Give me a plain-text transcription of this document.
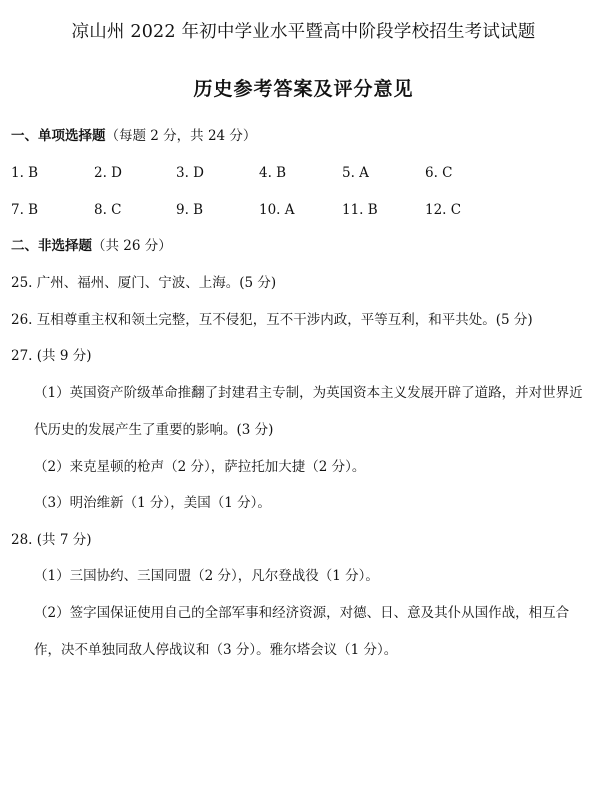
凉山州 2022 年初中学业水平暨高中阶段学校招生考试试题
历史参考答案及评分意见
一、单项选择题（每题 2 分，共 24 分）
1. B	2. D	3. D	4. B	5. A	6. C
7. B	8. C	9. B	10. A	11. B	12. C
二、非选择题（共 26 分）
25. 广州、福州、厦门、宁波、上海。(5 分)
26. 互相尊重主权和领土完整，互不侵犯，互不干涉内政，平等互利，和平共处。(5 分)
27. (共 9 分)
（1）英国资产阶级革命推翻了封建君主专制，为英国资本主义发展开辟了道路，并对世界近
代历史的发展产生了重要的影响。(3 分)
（2）来克星顿的枪声（2 分），萨拉托加大捷（2 分）。
（3）明治维新（1 分），美国（1 分）。
28. (共 7 分)
（1）三国协约、三国同盟（2 分），凡尔登战役（1 分）。
（2）签字国保证使用自己的全部军事和经济资源，对德、日、意及其仆从国作战，相互合
作，决不单独同敌人停战议和（3 分）。雅尔塔会议（1 分）。
